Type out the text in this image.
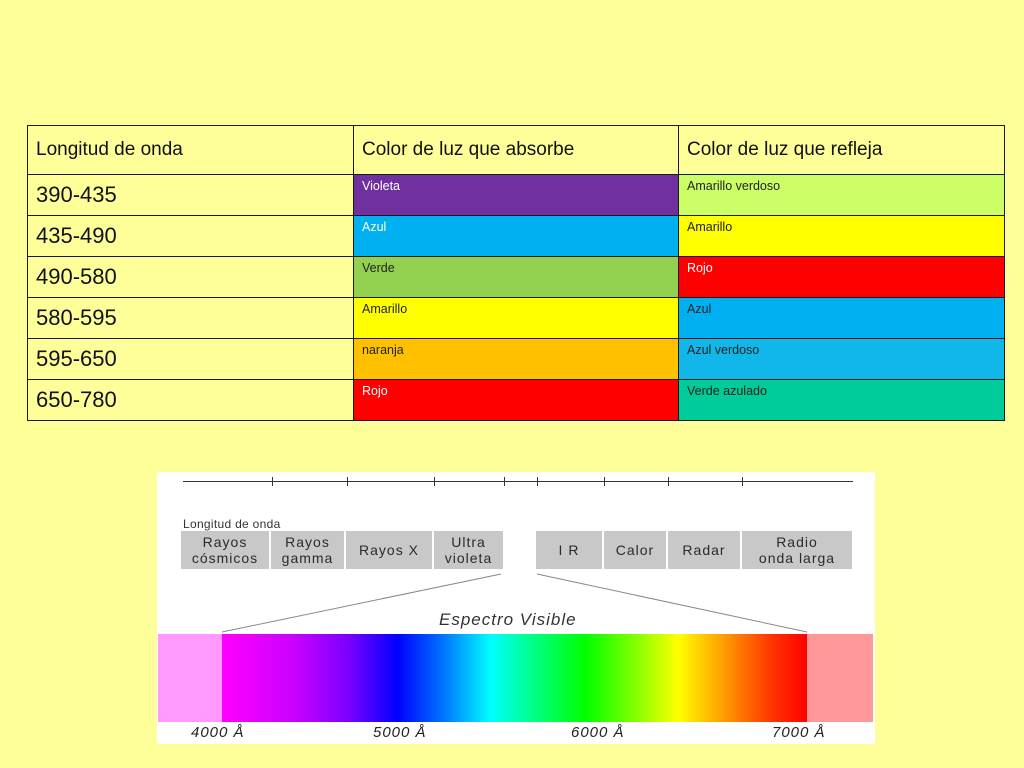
Longitud de onda	Color de luz que absorbe	Color de luz que refleja
390-435	Violeta	Amarillo verdoso
435-490	Azul	Amarillo
490-580	Verde	Rojo
580-595	Amarillo	Azul
595-650	naranja	Azul verdoso
650-780	Rojo	Verde azulado
Longitud de onda
Rayos
cósmicos
Rayos
gamma	Rayos X	Ultra
violeta	I R	Calor	Radar	Radio
onda larga
Espectro Visible
4000 Å	5000 Å	6000 Å	7000 Å
